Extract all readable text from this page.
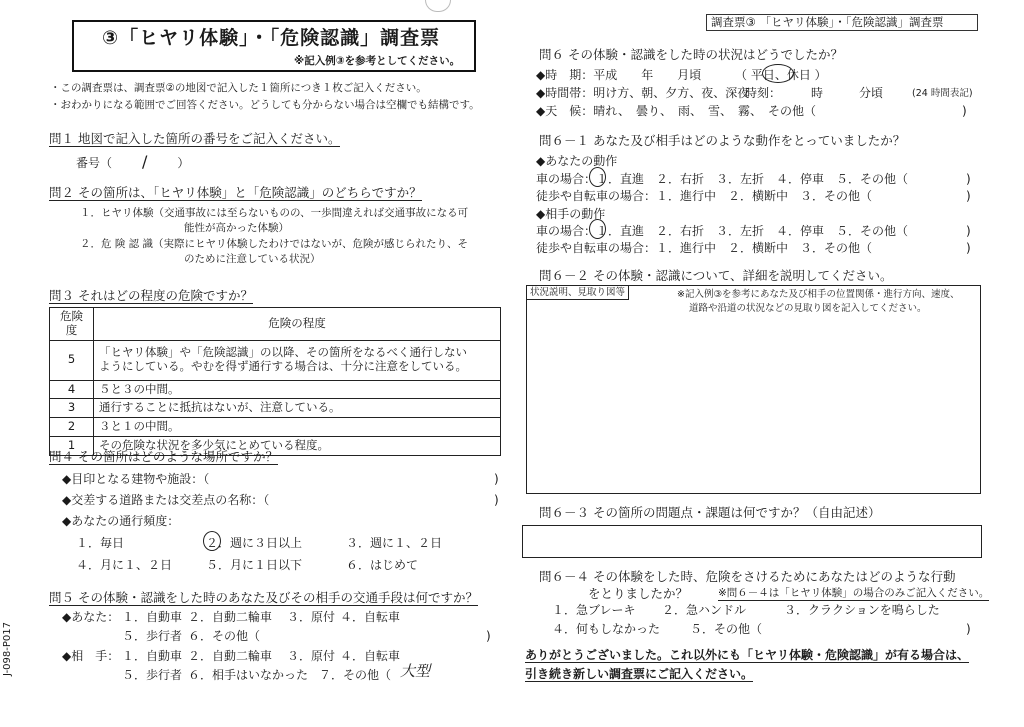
調査票③ 「ヒヤリ体験」・「危険認識」調査票
③「ヒヤリ体験」・「危険認識」調査票
※記入例③を参考としてください。
・この調査票は、調査票②の地図で記入した１箇所につき１枚ご記入ください。
・おわかりになる範囲でご回答ください。どうしても分からない場合は空欄でも結構です。
問１ 地図で記入した箇所の番号をご記入ください。
番号（ /	）
問２ その箇所は、「ヒヤリ体験」と「危険認識」のどちらですか？
１．ヒヤリ体験（交通事故には至らないものの、一歩間違えれば交通事故になる可
能性が高かった体験）
２．危 険 認 識（実際にヒヤリ体験したわけではないが、危険が感じられたり、そ
のために注意している状況）
問３ それはどの程度の危険ですか？
危険度	危険の程度
5	「ヒヤリ体験」や「危険認識」の以降、その箇所をなるべく通行しない
ようにしている。やむを得ず通行する場合は、十分に注意をしている。

4	５と３の中間。
3	通行することに抵抗はないが、注意している。
2	３と１の中間。
1	その危険な状況を多少気にとめている程度。
問４ その箇所はどのような場所ですか？
◆目印となる建物や施設：（	)
◆交差する道路または交差点の名称：（	)
◆あなたの通行頻度：
１．毎日	２．週に３日以上	３．週に１、２日
４．月に１、２日	５．月に１日以下	６．はじめて
問５ その体験・認識をした時のあなた及びその相手の交通手段は何ですか？
◆あなた： １．自動車 ２．自動二輪車 ３．原付 ４．自転車
５．歩行者 ６．その他（	)
◆相　手： １．自動車 ２．自動二輪車 ３．原付 ４．自転車
５．歩行者 ６．相手はいなかった ７．その他（ 大型
問６ その体験・認識をした時の状況はどうでしたか？
◆時　期：平成　　年　　月頃	（ 平日、休日 ）
◆時間帯：明け方、朝、夕方、夜、深夜
時刻：　　　時　　　分頃	(24 時間表記)
◆天　候：晴れ、　曇り、　雨、　雪、　霧、　その他（	)
問６－１ あなた及び相手はどのような動作をとっていましたか？
◆あなたの動作
車の場合：１．直進　２．右折　３．左折　４．停車　５．その他（	)
徒歩や自転車の場合：１．進行中　２．横断中　３．その他（	)
◆相手の動作
車の場合：１．直進　２．右折　３．左折　４．停車　５．その他（	)
徒歩や自転車の場合：１．進行中　２．横断中　３．その他（	)
問６－２ その体験・認識について、詳細を説明してください。
状況説明、見取り図等	※記入例③を参考にあなた及び相手の位置関係・進行方向、速度、
道路や沿道の状況などの見取り図を記入してください。
問６－３ その箇所の問題点・課題は何ですか？（自由記述）
問６－４ その体験をした時、危険をさけるためにあなたはどのような行動
をとりましたか？	※問６－４は「ヒヤリ体験」の場合のみご記入ください。
１．急ブレーキ ２．急ハンドル	３．クラクションを鳴らした
４．何もしなかった ５．その他（	)
ありがとうございました。これ以外にも「ヒヤリ体験・危険認識」が有る場合は、
引き続き新しい調査票にご記入ください。
J-098-P017
